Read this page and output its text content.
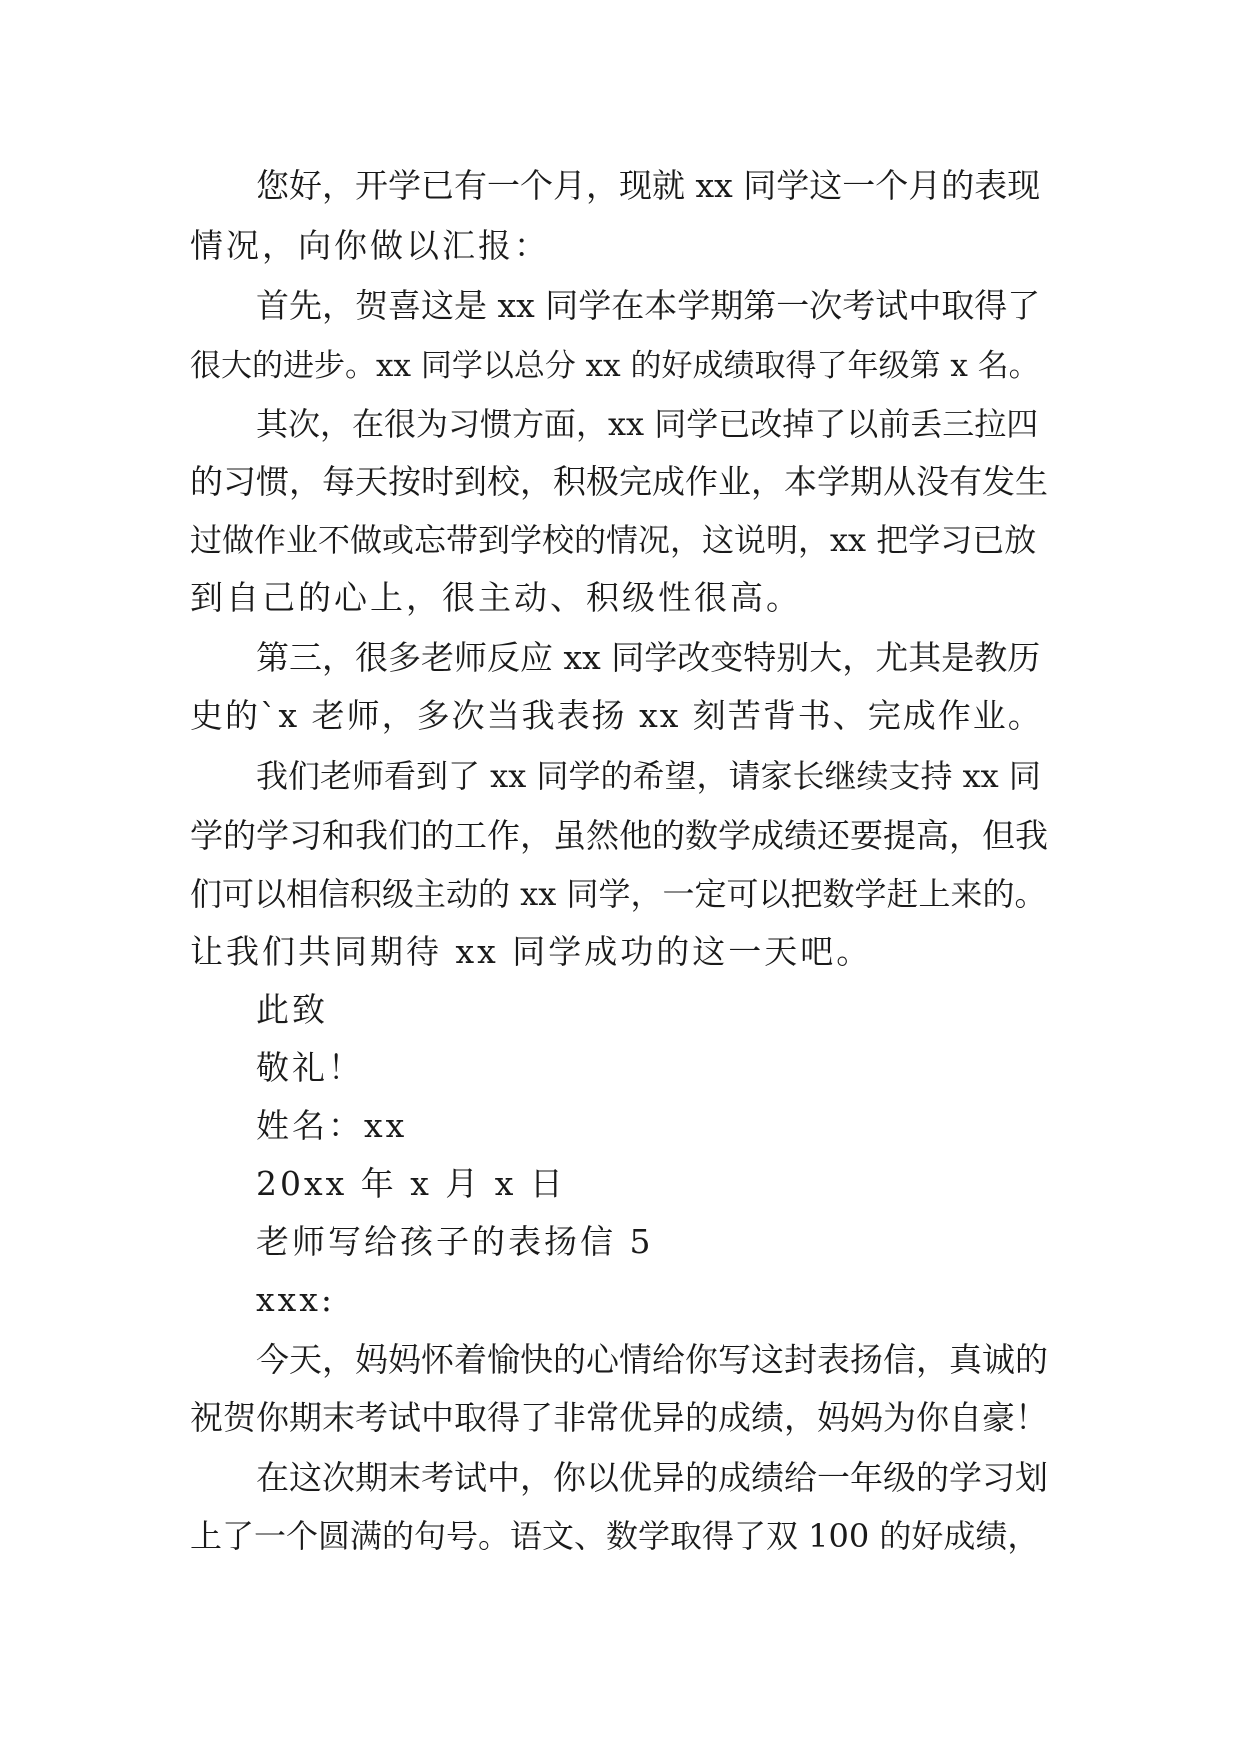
您好，开学已有一个月，现就 xx 同学这一个月的表现
情况，向你做以汇报：
首先，贺喜这是 xx 同学在本学期第一次考试中取得了
很大的进步。xx 同学以总分 xx 的好成绩取得了年级第 x 名。
其次，在很为习惯方面，xx 同学已改掉了以前丢三拉四
的习惯，每天按时到校，积极完成作业，本学期从没有发生
过做作业不做或忘带到学校的情况，这说明，xx 把学习已放
到自己的心上，很主动、积级性很高。
第三，很多老师反应 xx 同学改变特别大，尤其是教历
史的`x 老师，多次当我表扬 xx 刻苦背书、完成作业。
我们老师看到了 xx 同学的希望，请家长继续支持 xx 同
学的学习和我们的工作，虽然他的数学成绩还要提高，但我
们可以相信积级主动的 xx 同学，一定可以把数学赶上来的。
让我们共同期待 xx 同学成功的这一天吧。
此致
敬礼！
姓名：xx
20xx 年 x 月 x 日
老师写给孩子的表扬信 5
xxx:
今天，妈妈怀着愉快的心情给你写这封表扬信，真诚的
祝贺你期末考试中取得了非常优异的成绩，妈妈为你自豪！
在这次期末考试中，你以优异的成绩给一年级的学习划
上了一个圆满的句号。语文、数学取得了双 100 的好成绩，
